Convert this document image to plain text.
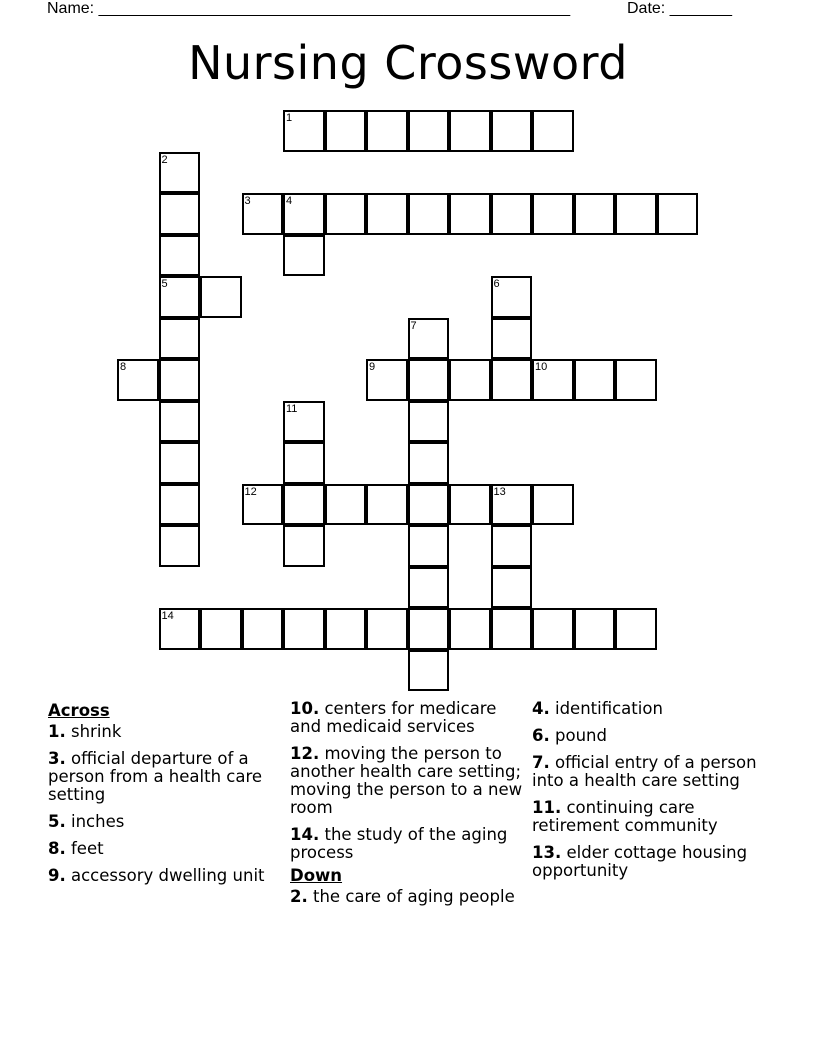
Name: _____________________________________________________	Date: _______
Nursing Crossword
1
2
3	4
5	6
7
8	9	10
11
12	13
14
Across
1. shrink
3. official departure of a person from a health care setting
5. inches
8. feet
9. accessory dwelling unit
10. centers for medicare and medicaid services
12. moving the person to another health care setting; moving the person to a new room
14. the study of the aging process
Down
2. the care of aging people
4. identification
6. pound
7. official entry of a person into a health care setting
11. continuing care retirement community
13. elder cottage housing opportunity
